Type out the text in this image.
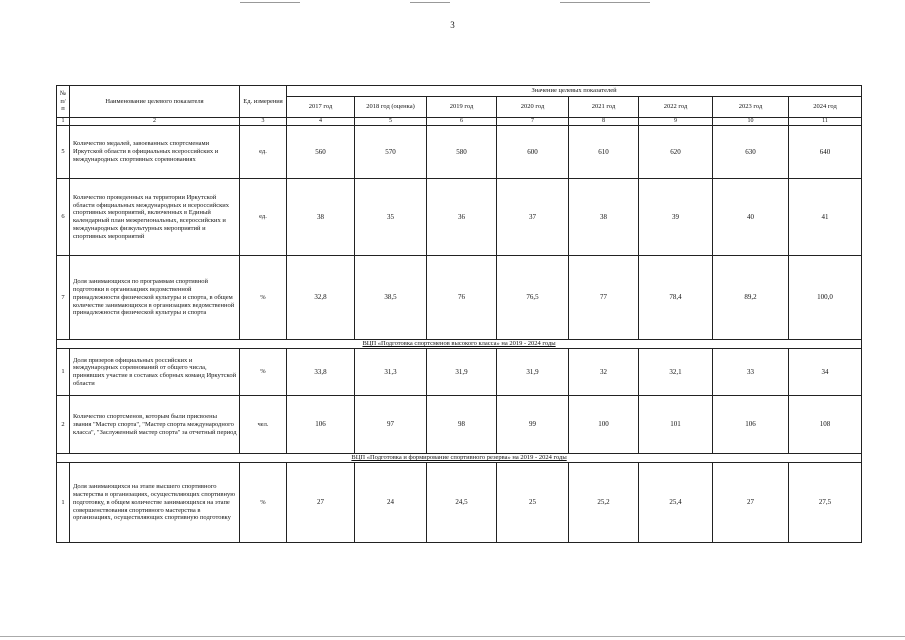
3
№ п/п	Наименование целевого показателя	Ед. измерения	Значение целевых показателей							
			2017 год	2018 год (оценка)	2019 год	2020 год	2021 год	2022 год	2023 год	2024 год
1	2	3	4	5	6	7	8	9	10	11
5	Количество медалей, завоеванных спортсменами Иркутской области в официальных всероссийских и международных спортивных соревнованиях	ед.	560	570	580	600	610	620	630	640
6	Количество проведенных на территории Иркутской области официальных международных и всероссийских спортивных мероприятий, включенных в Единый календарный план межрегиональных, всероссийских и международных физкультурных мероприятий и спортивных мероприятий	ед.	38	35	36	37	38	39	40	41
7	Доля занимающихся по программам спортивной подготовки в организациях ведомственной принадлежности физической культуры и спорта, в общем количестве занимающихся в организациях ведомственной принадлежности физической культуры и спорта	%	32,8	38,5	76	76,5	77	78,4	89,2	100,0
ВЦП «Подготовка спортсменов высокого класса» на 2019 - 2024 годы										
1	Доля призеров официальных российских и международных соревнований от общего числа, принявших участие в составах сборных команд Иркутской области	%	33,8	31,3	31,9	31,9	32	32,1	33	34
2	Количество спортсменов, которым были присвоены звания "Мастер спорта", "Мастер спорта международного класса", "Заслуженный мастер спорта" за отчетный период	чел.	106	97	98	99	100	101	106	108
ВЦП «Подготовка и формирование спортивного резерва» на 2019 - 2024 годы										
1	Доля занимающихся на этапе высшего спортивного мастерства в организациях, осуществляющих спортивную подготовку, в общем количестве занимающихся на этапе совершенствования спортивного мастерства в организациях, осуществляющих спортивную подготовку	%	27	24	24,5	25	25,2	25,4	27	27,5
